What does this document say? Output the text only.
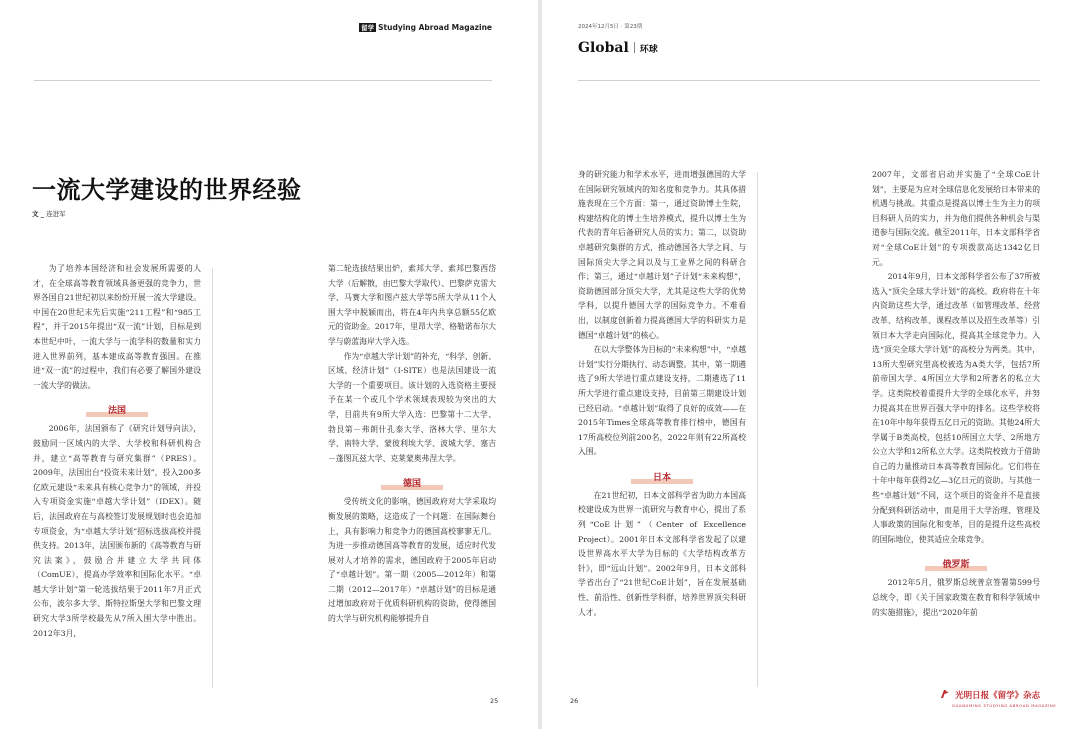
留学 Studying Abroad Magazine
一流大学建设的世界经验
文 _ 连进军

为了培养本国经济和社会发展所需要的人才，在全球高等教育领域具备更强的竞争力，世界各国自21世纪初以来纷纷开展一流大学建设。中国在20世纪末先后实施“211工程”和“985工程”，并于2015年提出“双一流”计划，目标是到本世纪中叶，一流大学与一流学科的数量和实力进入世界前列，基本建成高等教育强国。在推进“双一流”的过程中，我们有必要了解国外建设一流大学的做法。

法国

2006年，法国颁布了《研究计划导向法》，鼓励同一区域内的大学、大学校和科研机构合并，建立“高等教育与研究集群”（PRES）。2009年，法国出台“投资未来计划”，投入200多亿欧元建设“未来具有核心竞争力”的领域，并投入专项资金实施“卓越大学计划”（IDEX）。随后，法国政府在与高校签订发展规划时也会追加专项资金，为“卓越大学计划”招标选拔高校并提供支持。2013年，法国颁布新的《高等教育与研究法案》，鼓励合并建立大学共同体（ComUE），提高办学效率和国际化水平。“卓越大学计划”第一轮选拔结果于2011年7月正式公布，波尔多大学、斯特拉斯堡大学和巴黎文理研究大学3所学校最先从7所入围大学中胜出。2012年3月，

第二轮选拔结果出炉，索邦大学、索邦巴黎西岱大学（后解散，由巴黎大学取代）、巴黎萨克雷大学、马赛大学和图卢兹大学等5所大学从11个入围大学中脱颖而出，将在4年内共享总额55亿欧元的资助金。2017年，里昂大学、格勒诺布尔大学与蔚蓝海岸大学入选。

作为“卓越大学计划”的补充，“科学、创新、区域、经济计划”（I-SITE）也是法国建设一流大学的一个重要项目。该计划的入选资格主要授予在某一个或几个学术领域表现较为突出的大学，目前共有9所大学入选：巴黎第十二大学、勃艮第－弗朗什孔泰大学、洛林大学、里尔大学、南特大学、蒙彼利埃大学、波城大学、塞吉－蓬图瓦兹大学、克莱蒙奥弗涅大学。

德国

受传统文化的影响，德国政府对大学采取均衡发展的策略，这造成了一个问题：在国际舞台上，具有影响力和竞争力的德国高校寥寥无几。为进一步推动德国高等教育的发展，适应时代发展对人才培养的需求，德国政府于2005年启动了“卓越计划”。第一期（2005—2012年）和第二期（2012—2017年）“卓越计划”的目标是通过增加政府对于优质科研机构的资助，使得德国的大学与研究机构能够提升自

25
2024年12月5日 · 第23期
Global 环球

身的研究能力和学术水平，进而增强德国的大学在国际研究领域内的知名度和竞争力。其具体措施表现在三个方面：第一，通过资助博士生院，构建结构化的博士生培养模式，提升以博士生为代表的青年后备研究人员的实力；第二，以资助卓越研究集群的方式，推动德国各大学之间、与国际顶尖大学之间以及与工业界之间的科研合作；第三，通过“卓越计划”子计划“未来构想”，资助德国部分顶尖大学，尤其是这些大学的优势学科，以提升德国大学的国际竞争力。不难看出，以制度创新着力提高德国大学的科研实力是德国“卓越计划”的核心。

在以大学整体为目标的“未来构想”中，“卓越计划”实行分期执行、动态调整。其中，第一期遴选了9所大学进行重点建设支持，二期遴选了11所大学进行重点建设支持，目前第三期建设计划已经启动。“卓越计划”取得了良好的成效——在2015年Times全球高等教育排行榜中，德国有17所高校位列前200名，2022年则有22所高校入围。

日本

在21世纪初，日本文部科学省为助力本国高校建设成为世界一流研究与教育中心，提出了系列“CoE计划”（Center of Excellence Project）。2001年日本文部科学省发起了以建设世界高水平大学为目标的《大学结构改革方针》，即“远山计划”。2002年9月，日本文部科学省出台了“21世纪CoE计划”，旨在发展基础性、前沿性、创新性学科群，培养世界顶尖科研人才。

2007年，文部省启动并实施了“全球CoE计划”，主要是为应对全球信息化发展给日本带来的机遇与挑战。其重点是提高以博士生为主力的项目科研人员的实力，并为他们提供各种机会与渠道参与国际交流。截至2011年，日本文部科学省对“全球CoE计划”的专项拨款高达1342亿日元。

2014年9月，日本文部科学省公布了37所被选入“顶尖全球大学计划”的高校。政府将在十年内资助这些大学，通过改革（如管理改革、经营改革、结构改革、课程改革以及招生改革等）引领日本大学走向国际化，提高其全球竞争力。入选“顶尖全球大学计划”的高校分为两类。其中，13所大型研究型高校被选为A类大学，包括7所前帝国大学、4所国立大学和2所著名的私立大学。这类院校着重提升大学的全球化水平，并努力提高其在世界百强大学中的排名。这些学校将在10年中每年获得五亿日元的资助。其他24所大学属于B类高校，包括10所国立大学、2所地方公立大学和12所私立大学。这类院校致力于借助自己的力量推动日本高等教育国际化。它们将在十年中每年获得2亿—3亿日元的资助。与其他一些“卓越计划”不同，这个项目的资金并不是直接分配到科研活动中，而是用于大学治理、管理及人事政策的国际化和变革，目的是提升这些高校的国际地位，使其适应全球竞争。

俄罗斯

2012年5月，俄罗斯总统普京签署第599号总统令，即《关于国家政策在教育和科学领域中的实施措施》，提出“2020年前

26	光明日报《留学》杂志
GUANGMING STUDYING ABROAD MAGAZINE
